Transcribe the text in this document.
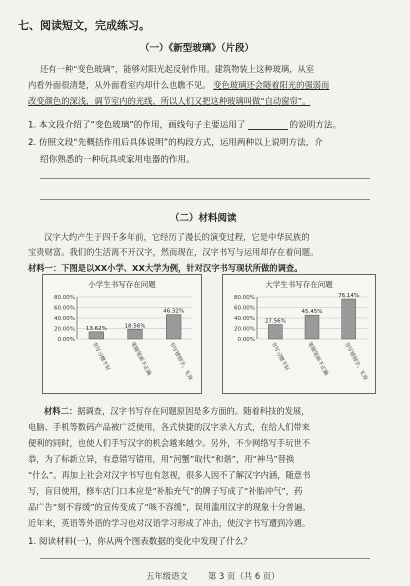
七、阅读短文，完成练习。
（一）《新型玻璃》（片段）
还有一种“变色玻璃”，能够对阳光起反射作用。建筑物装上这种玻璃，从室
内看外面很清楚，从外面看室内却什么也瞧不见。 变色玻璃还会随着阳光的强弱而
改变颜色的深浅，调节室内的光线，所以人们又把这种玻璃叫做“自动窗帘”。
1. 本文段介绍了“变色玻璃”的作用，画线句子主要运用了	的说明方法。
2. 仿照文段“先概括作用后具体说明”的构段方式，运用两种以上说明方法，介
绍你熟悉的一种玩具或家用电器的作用。
（二）材料阅读
汉字大约产生于四千多年前，它经历了漫长的演变过程，它是中华民族的
宝贵财富。我们的生活离不开汉字，然而现在，汉字书写与运用却存在着问题。
材料一：下图是以XX小学、XX大学为例，针对汉字书写现状所做的调查。
小学生书写存在问题
80.00%
60.00%
40.00%
20.00%
0.00%
13.62%
书写习惯不好
18.56%
笔顺笔画不正确
46.32%
书写错别字、无效
大学生书写存在问题
80.00%
60.00%
40.00%
20.00%
0.00%
27.56%
书写习惯不好
45.45%
笔顺笔画不正确
76.14%
书写错别字、无效
材料二：据调查，汉字书写存在问题原因是多方面的。随着科技的发展，
电脑、手机等数码产品被广泛使用，各式快捷的汉字录入方式，在给人们带来
便利的同时，也使人们手写汉字的机会越来越少。另外，不少网络写手玩世不
恭，为了标新立异，有意错写错用，用“河蟹”取代“和谐”，用“神马”替换
“什么”。再加上社会对汉字书写也有忽视，很多人因不了解汉字内涵，随意书
写，盲目使用，修车店门口本应是“补胎充气”的牌子写成了“补胎冲气”，药
品广告“刻不容缓”的宣传变成了“咳不容缓”，误用滥用汉字的现象十分普遍。
近年来，英语等外语的学习也对汉语学习形成了冲击，使汉字书写遭到冷遇。
1. 阅读材料(一)，你从两个图表数据的变化中发现了什么？
五年级语文 第 3 页（共 6 页）
